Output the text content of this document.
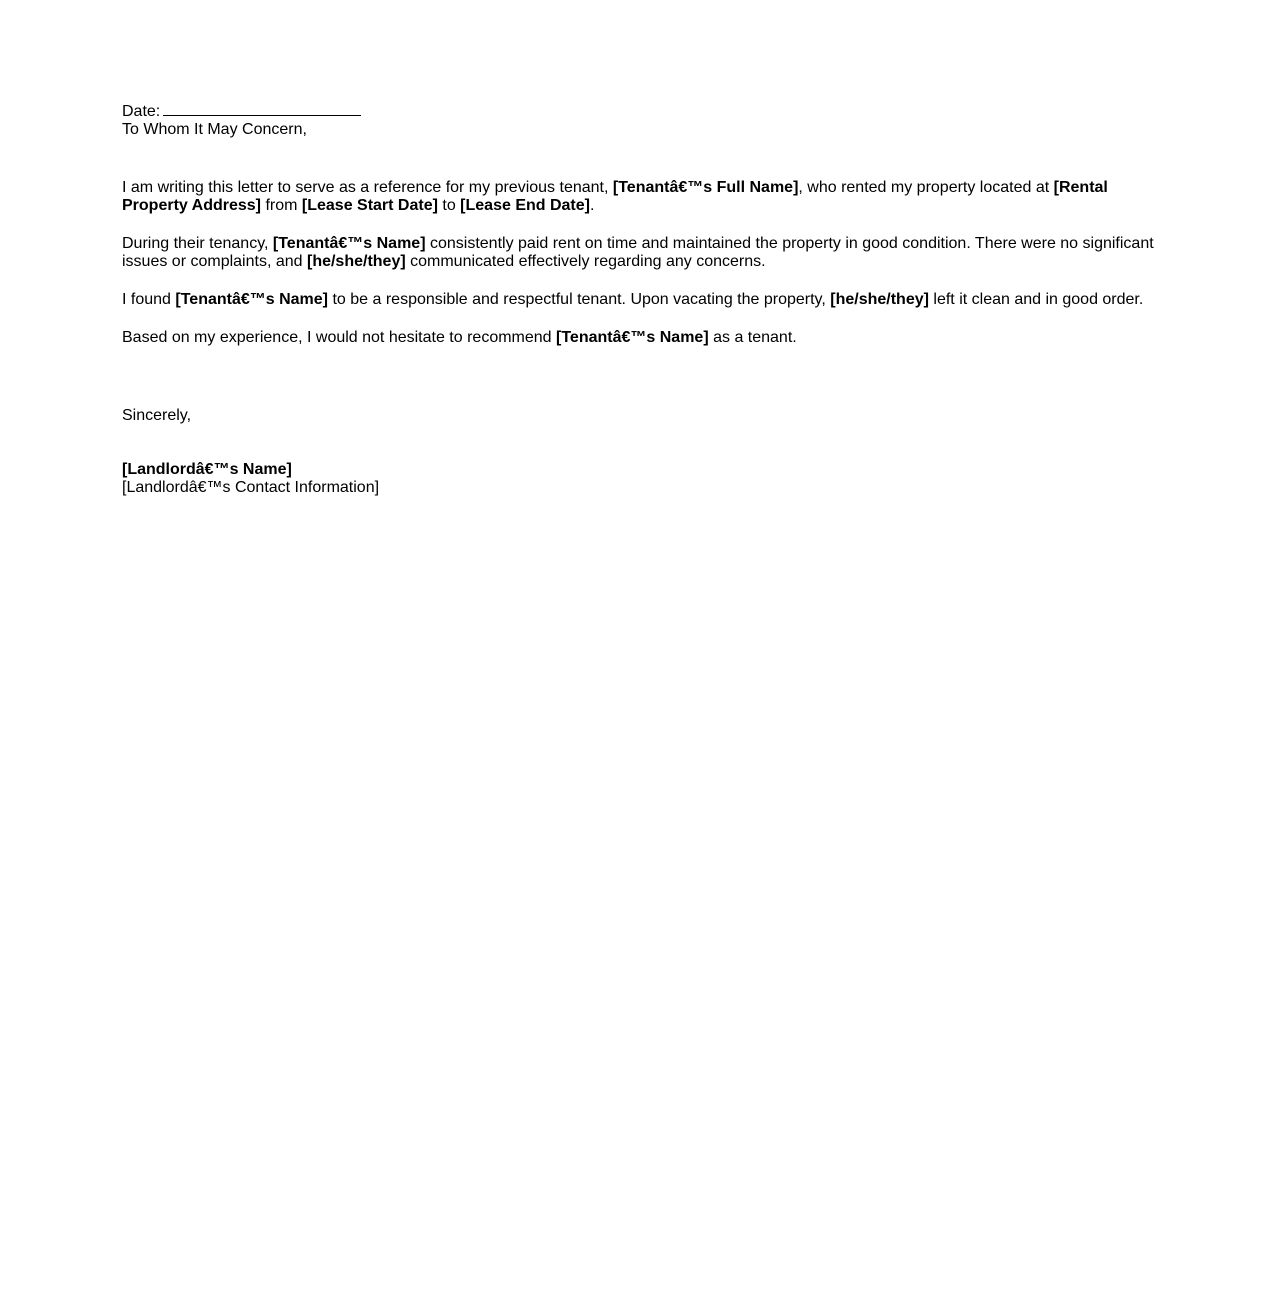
Date:

To Whom It May Concern,

I am writing this letter to serve as a reference for my previous tenant, [Tenantâ€™s Full Name], who rented my property located at [Rental Property Address] from [Lease Start Date] to [Lease End Date].

During their tenancy, [Tenantâ€™s Name] consistently paid rent on time and maintained the property in good condition. There were no significant issues or complaints, and [he/she/they] communicated effectively regarding any concerns.

I found [Tenantâ€™s Name] to be a responsible and respectful tenant. Upon vacating the property, [he/she/they] left it clean and in good order.

Based on my experience, I would not hesitate to recommend [Tenantâ€™s Name] as a tenant.

Sincerely,

[Landlordâ€™s Name]

[Landlordâ€™s Contact Information]
